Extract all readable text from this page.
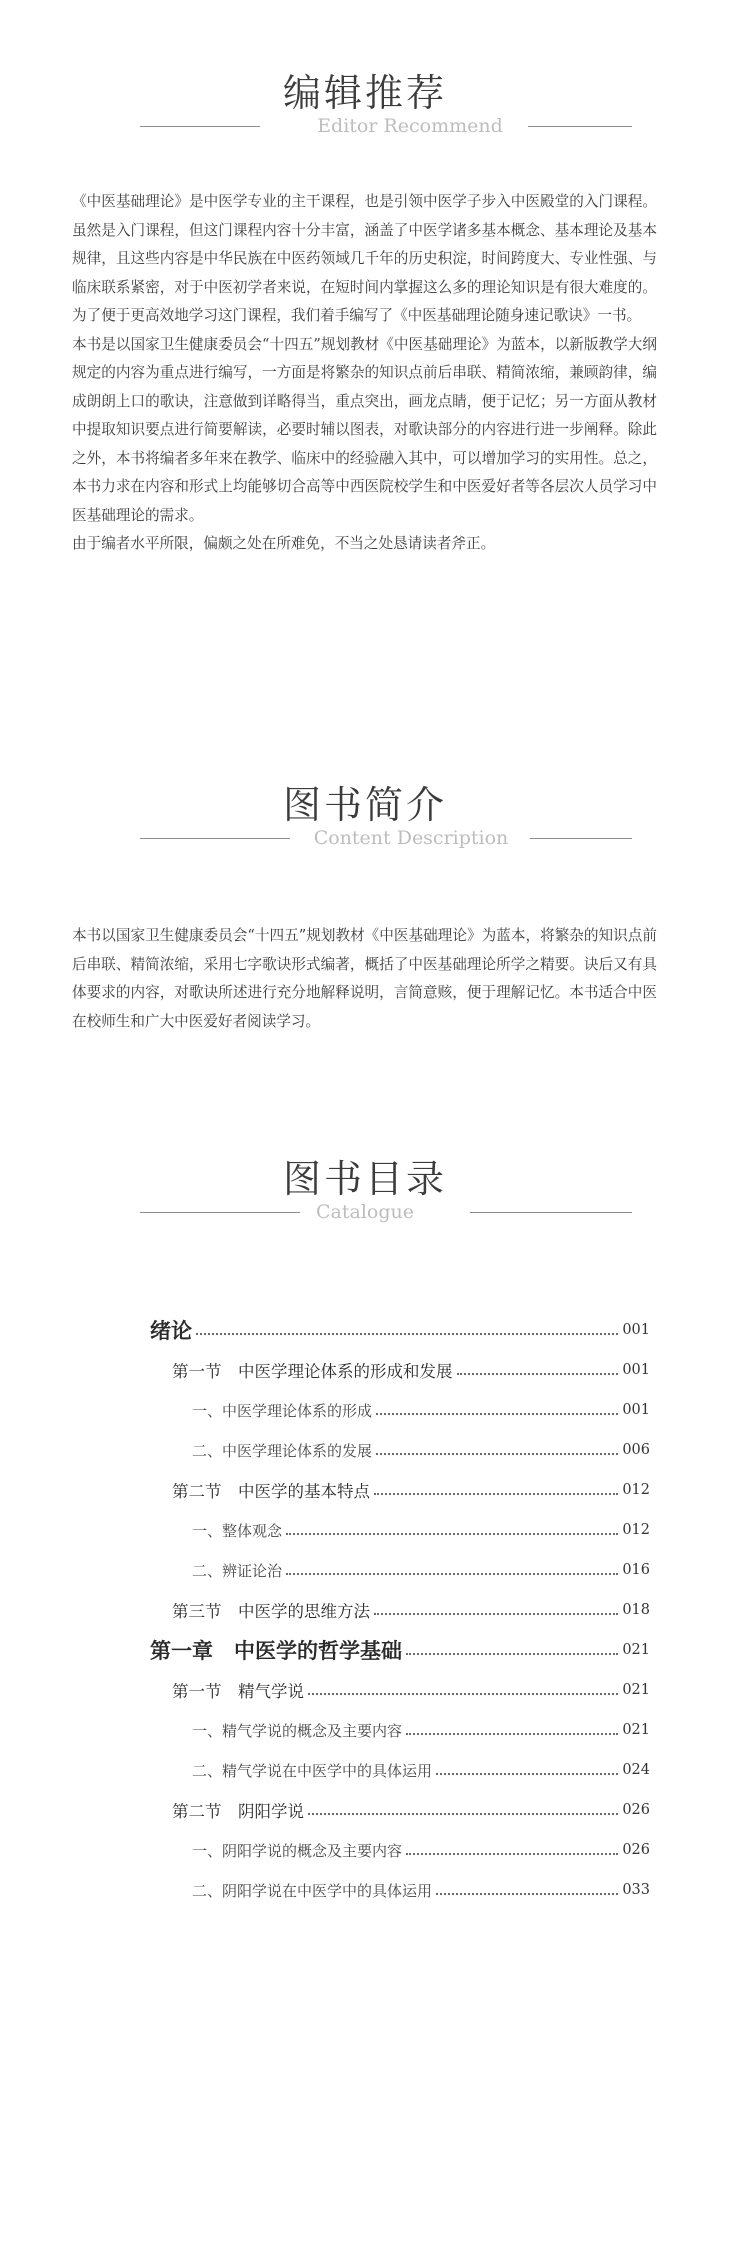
编辑推荐
Editor Recommend

《中医基础理论》是中医学专业的主干课程，也是引领中医学子步入中医殿堂的入门课程。虽然是入门课程，但这门课程内容十分丰富，涵盖了中医学诸多基本概念、基本理论及基本规律，且这些内容是中华民族在中医药领域几千年的历史积淀，时间跨度大、专业性强、与临床联系紧密，对于中医初学者来说，在短时间内掌握这么多的理论知识是有很大难度的。为了便于更高效地学习这门课程，我们着手编写了《中医基础理论随身速记歌诀》一书。

本书是以国家卫生健康委员会“十四五”规划教材《中医基础理论》为蓝本，以新版教学大纲规定的内容为重点进行编写，一方面是将繁杂的知识点前后串联、精简浓缩，兼顾韵律，编成朗朗上口的歌诀，注意做到详略得当，重点突出，画龙点睛，便于记忆；另一方面从教材中提取知识要点进行简要解读，必要时辅以图表，对歌诀部分的内容进行进一步阐释。除此之外，本书将编者多年来在教学、临床中的经验融入其中，可以增加学习的实用性。总之，本书力求在内容和形式上均能够切合高等中西医院校学生和中医爱好者等各层次人员学习中医基础理论的需求。

由于编者水平所限，偏颇之处在所难免，不当之处恳请读者斧正。

图书简介
Content Description

本书以国家卫生健康委员会“十四五”规划教材《中医基础理论》为蓝本，将繁杂的知识点前后串联、精简浓缩，采用七字歌诀形式编著，概括了中医基础理论所学之精要。诀后又有具体要求的内容，对歌诀所述进行充分地解释说明，言简意赅，便于理解记忆。本书适合中医在校师生和广大中医爱好者阅读学习。

图书目录
Catalogue
绪论	001
第一节　中医学理论体系的形成和发展	001
一、中医学理论体系的形成	001
二、中医学理论体系的发展	006
第二节　中医学的基本特点	012
一、整体观念	012
二、辨证论治	016
第三节　中医学的思维方法	018
第一章　中医学的哲学基础	021
第一节　精气学说	021
一、精气学说的概念及主要内容	021
二、精气学说在中医学中的具体运用	024
第二节　阴阳学说	026
一、阴阳学说的概念及主要内容	026
二、阴阳学说在中医学中的具体运用	033
